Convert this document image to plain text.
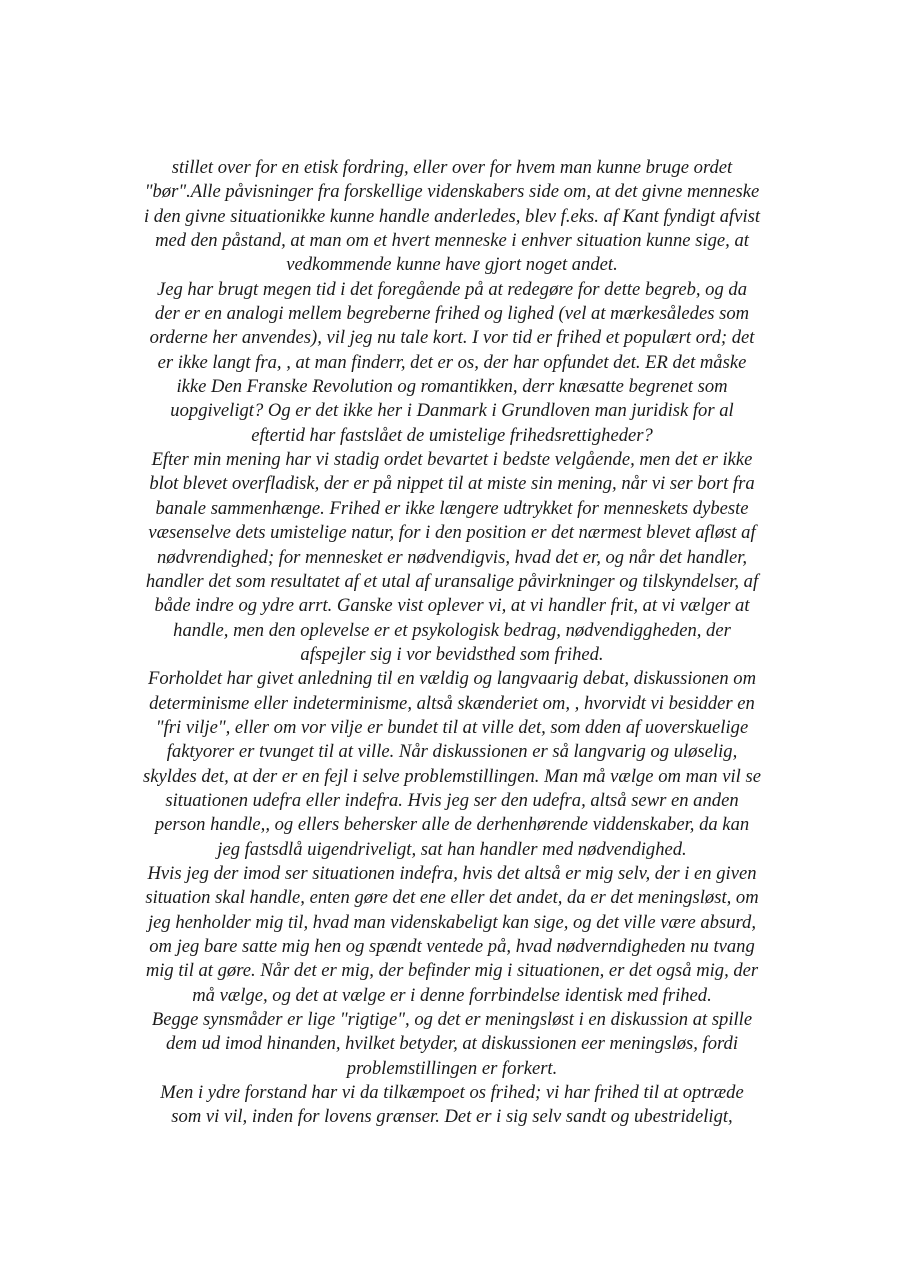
stillet over for en etisk fordring, eller over for hvem man kunne bruge ordet
"bør".Alle påvisninger fra forskellige videnskabers side om, at det givne menneske
i den givne situationikke kunne handle anderledes, blev f.eks. af Kant fyndigt afvist
med den påstand, at man om et hvert menneske i enhver situation kunne sige, at
vedkommende kunne have gjort noget andet.
Jeg har brugt megen tid i det foregående på at redegøre for dette begreb, og da
der er en analogi mellem begreberne frihed og lighed (vel at mærkesåledes som
orderne her anvendes), vil jeg nu tale kort. I vor tid er frihed et populært ord; det
er ikke langt fra, , at man finderr, det er os, der har opfundet det. ER det måske
ikke Den Franske Revolution og romantikken, derr knæsatte begrenet som
uopgiveligt? Og er det ikke her i Danmark i Grundloven man juridisk for al
eftertid har fastslået de umistelige frihedsrettigheder?
Efter min mening har vi stadig ordet bevartet i bedste velgående, men det er ikke
blot blevet overfladisk, der er på nippet til at miste sin mening, når vi ser bort fra
banale sammenhænge. Frihed er ikke længere udtrykket for menneskets dybeste
væsenselve dets umistelige natur, for i den position er det nærmest blevet afløst af
nødvrendighed; for mennesket er nødvendigvis, hvad det er, og når det handler,
handler det som resultatet af et utal af uransalige påvirkninger og tilskyndelser, af
både indre og ydre arrt. Ganske vist oplever vi, at vi handler frit, at vi vælger at
handle, men den oplevelse er et psykologisk bedrag, nødvendiggheden, der
afspejler sig i vor bevidsthed som frihed.
Forholdet har givet anledning til en vældig og langvaarig debat, diskussionen om
determinisme eller indeterminisme, altså skænderiet om, , hvorvidt vi besidder en
"fri vilje", eller om vor vilje er bundet til at ville det, som dden af uoverskuelige
faktyorer er tvunget til at ville. Når diskussionen er så langvarig og uløselig,
skyldes det, at der er en fejl i selve problemstillingen. Man må vælge om man vil se
situationen udefra eller indefra. Hvis jeg ser den udefra, altså sewr en anden
person handle,, og ellers behersker alle de derhenhørende viddenskaber, da kan
jeg fastsdlå uigendriveligt, sat han handler med nødvendighed.
Hvis jeg der imod ser situationen indefra, hvis det altså er mig selv, der i en given
situation skal handle, enten gøre det ene eller det andet, da er det meningsløst, om
jeg henholder mig til, hvad man videnskabeligt kan sige, og det ville være absurd,
om jeg bare satte mig hen og spændt ventede på, hvad nødverndigheden nu tvang
mig til at gøre. Når det er mig, der befinder mig i situationen, er det også mig, der
må vælge, og det at vælge er i denne forrbindelse identisk med frihed.
Begge synsmåder er lige "rigtige", og det er meningsløst i en diskussion at spille
dem ud imod hinanden, hvilket betyder, at diskussionen eer meningsløs, fordi
problemstillingen er forkert.
Men i ydre forstand har vi da tilkæmpoet os frihed; vi har frihed til at optræde
som vi vil, inden for lovens grænser. Det er i sig selv sandt og ubestrideligt,
